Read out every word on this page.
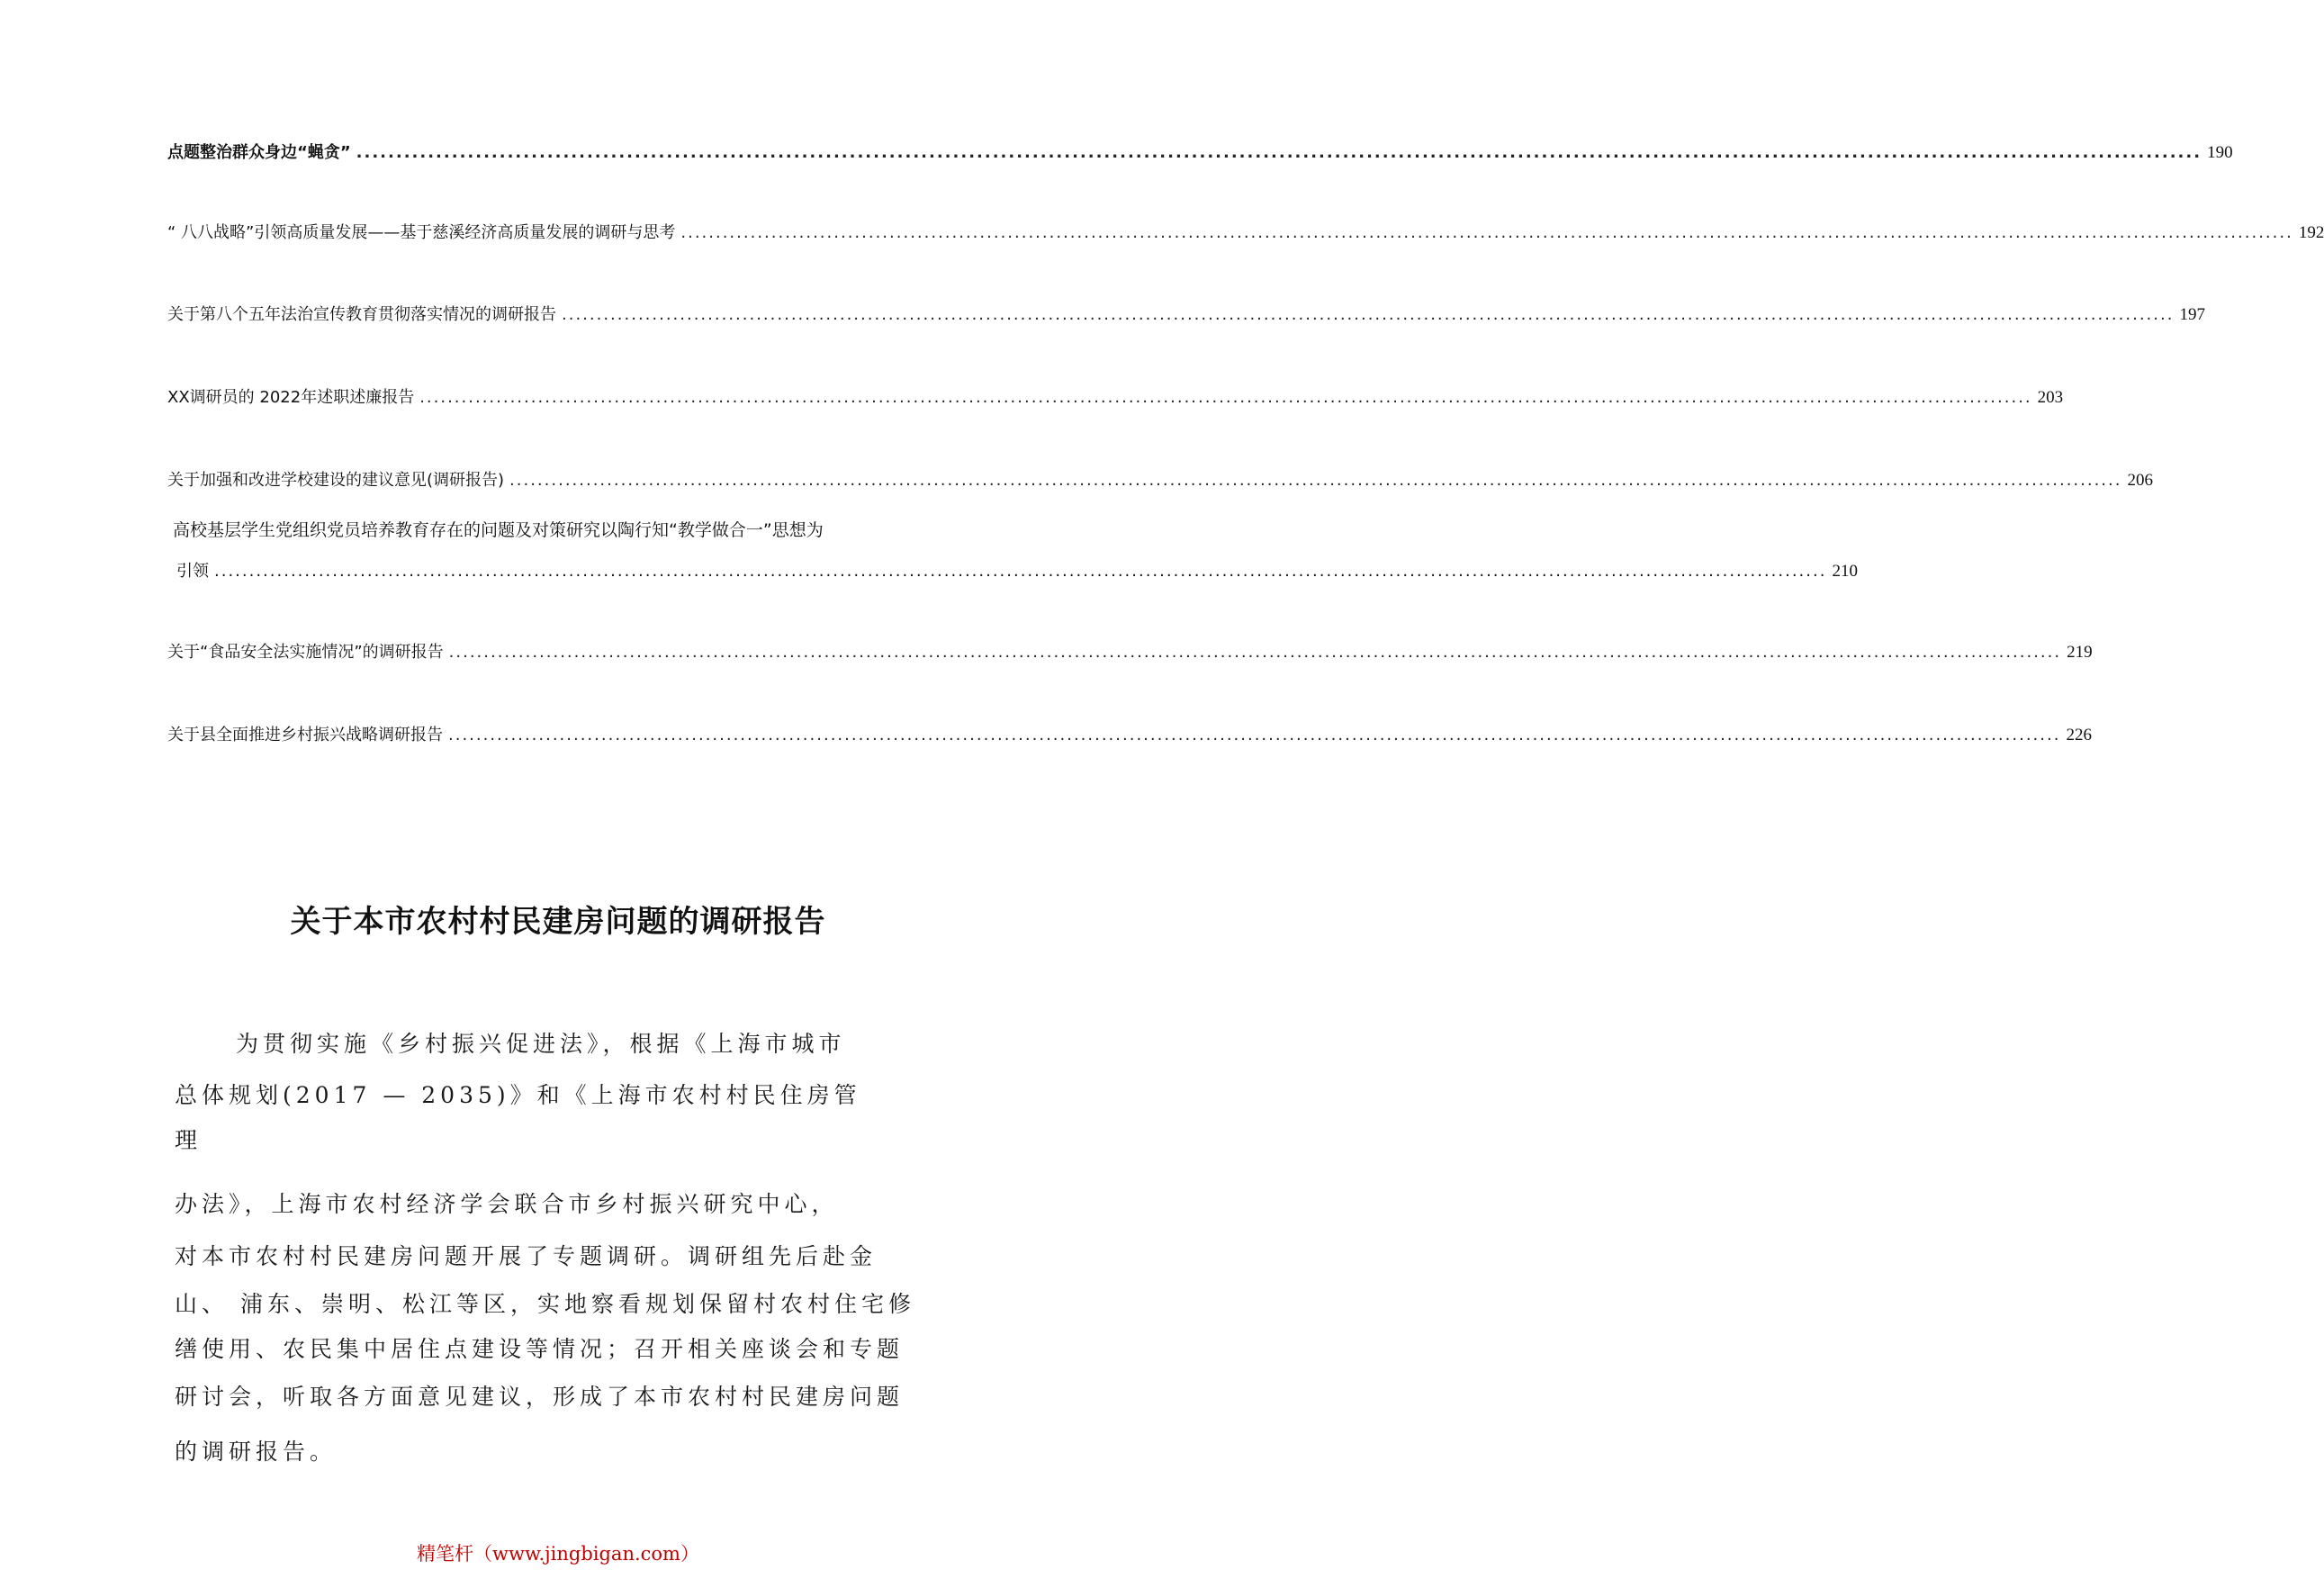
点题整治群众身边“蝇贪” .....	190
“ 八八战略”引领高质量发展——基于慈溪经济高质量发展的调研与思考 .....	192
关于第八个五年法治宣传教育贯彻落实情况的调研报告 .....	197
XX调研员的 2022年述职述廉报告 .....	203
关于加强和改进学校建设的建议意见(调研报告) .....	206
高校基层学生党组织党员培养教育存在的问题及对策研究以陶行知“教学做合一”思想为
引领 ........................................................................................................................................................................................................................................ 210
关于“食品安全法实施情况”的调研报告 .....	219
关于县全面推进乡村振兴战略调研报告 .....	226
关于本市农村村民建房问题的调研报告
为贯彻实施《乡村振兴促进法》，根据《上海市城市
总体规划(2017 — 2035)》和《上海市农村村民住房管
理
办法》，上海市农村经济学会联合市乡村振兴研究中心，
对本市农村村民建房问题开展了专题调研。调研组先后赴金
山、 浦东、崇明、松江等区，实地察看规划保留村农村住宅修
缮使用、农民集中居住点建设等情况；召开相关座谈会和专题
研讨会，听取各方面意见建议，形成了本市农村村民建房问题
的调研报告。
精笔杆（www.jingbigan.com）
